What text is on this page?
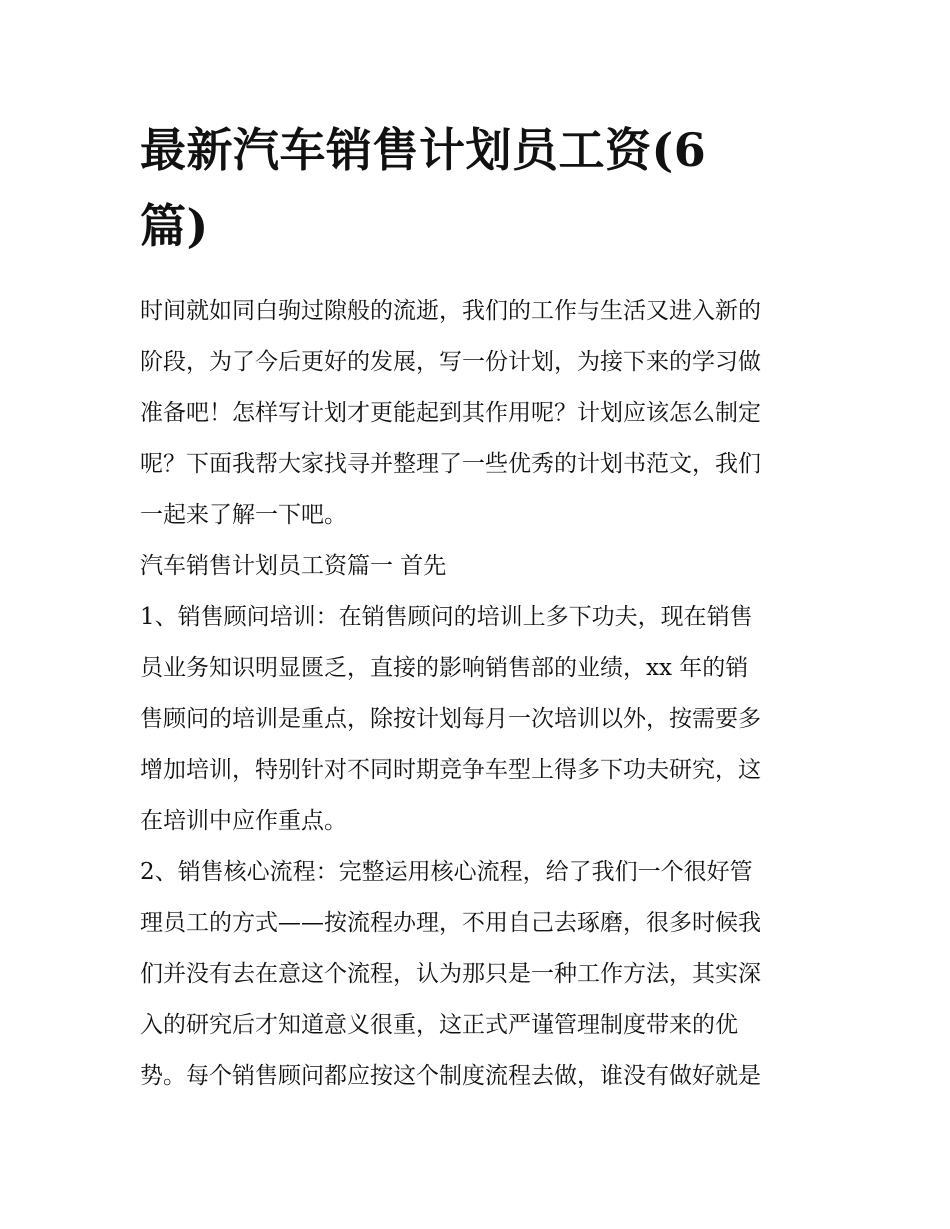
最新汽车销售计划员工资(6
篇)

时间就如同白驹过隙般的流逝，我们的工作与生活又进入新的
阶段，为了今后更好的发展，写一份计划，为接下来的学习做
准备吧！怎样写计划才更能起到其作用呢？计划应该怎么制定
呢？下面我帮大家找寻并整理了一些优秀的计划书范文，我们
一起来了解一下吧。

汽车销售计划员工资篇一 首先

1、销售顾问培训：在销售顾问的培训上多下功夫，现在销售
员业务知识明显匮乏，直接的影响销售部的业绩，xx 年的销
售顾问的培训是重点，除按计划每月一次培训以外，按需要多
增加培训，特别针对不同时期竞争车型上得多下功夫研究，这
在培训中应作重点。

2、销售核心流程：完整运用核心流程，给了我们一个很好管
理员工的方式——按流程办理，不用自己去琢磨，很多时候我
们并没有去在意这个流程，认为那只是一种工作方法，其实深
入的研究后才知道意义很重，这正式严谨管理制度带来的优
势。每个销售顾问都应按这个制度流程去做，谁没有做好就是
